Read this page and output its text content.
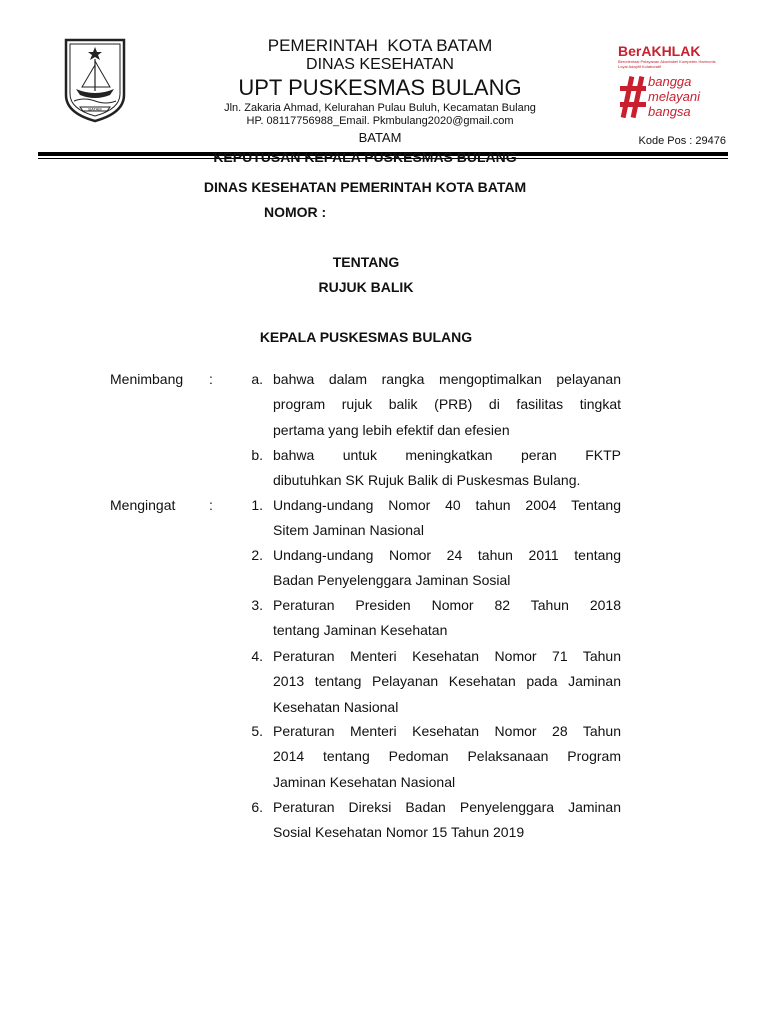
BATAM
PEMERINTAH  KOTA BATAM
DINAS KESEHATAN
UPT PUSKESMAS BULANG
Jln. Zakaria Ahmad, Kelurahan Pulau Buluh, Kecamatan Bulang
HP. 08117756988_Email. Pkmbulang2020@gmail.com
BATAM
BerAKHLAK
Berorientasi Pelayanan Akuntabel Kompeten Harmonis Loyal Adaptif Kolaboratif
bangga
melayani
bangsa
Kode Pos : 29476
KEPUTUSAN KEPALA PUSKESMAS BULANG
DINAS KESEHATAN PEMERINTAH KOTA BATAM
NOMOR :
TENTANG
RUJUK BALIK
KEPALA PUSKESMAS BULANG
Menimbang :	a. bahwa dalam rangka mengoptimalkan pelayanan
program rujuk balik (PRB) di fasilitas tingkat
pertama yang lebih efektif dan efesien
b. bahwa untuk meningkatkan peran FKTP
dibutuhkan SK Rujuk Balik di Puskesmas Bulang.
Mengingat :	1. Undang-undang Nomor 40 tahun 2004 Tentang
Sitem Jaminan Nasional
2. Undang-undang Nomor 24 tahun 2011 tentang
Badan Penyelenggara Jaminan Sosial
3. Peraturan Presiden Nomor 82 Tahun 2018
tentang Jaminan Kesehatan
4. Peraturan Menteri Kesehatan Nomor 71 Tahun
2013 tentang Pelayanan Kesehatan pada Jaminan
Kesehatan Nasional
5. Peraturan Menteri Kesehatan Nomor 28 Tahun
2014 tentang Pedoman Pelaksanaan Program
Jaminan Kesehatan Nasional
6. Peraturan Direksi Badan Penyelenggara Jaminan
Sosial Kesehatan Nomor 15 Tahun 2019
